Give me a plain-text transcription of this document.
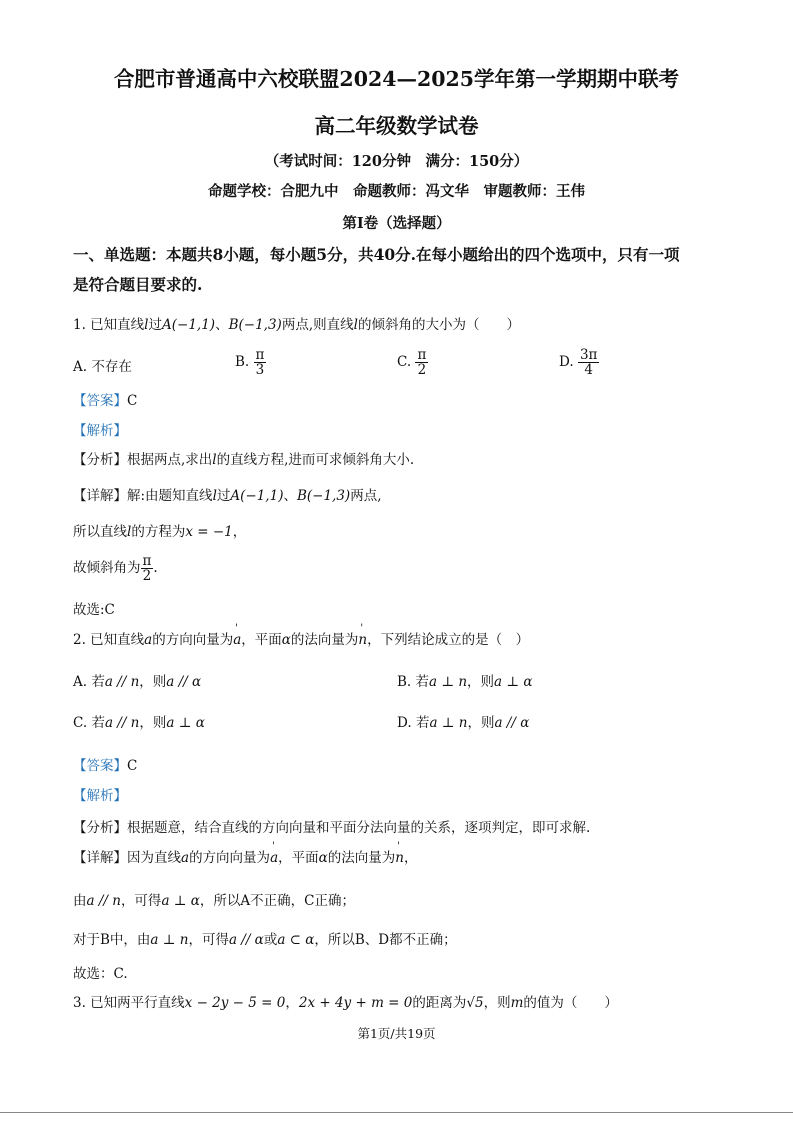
合肥市普通高中六校联盟2024—2025学年第一学期期中联考
高二年级数学试卷
（考试时间：120分钟　满分：150分）
命题学校：合肥九中　命题教师：冯文华　审题教师：王伟
第Ⅰ卷（选择题）
一、单选题：本题共8小题，每小题5分，共40分.在每小题给出的四个选项中，只有一项
是符合题目要求的.
1. 已知直线l过A(−1,1)、B(−1,3)两点,则直线l的倾斜角的大小为（　　）
A. 不存在	B. $\frac{\pi}{3}$	C. $\frac{\pi}{2}$	D. $\frac{3\pi}{4}$
【答案】C
【解析】
【分析】根据两点,求出l的直线方程,进而可求倾斜角大小.
【详解】解:由题知直线l过A(−1,1)、B(−1,3)两点,
所以直线l的方程为x = −1，
故倾斜角为 $\frac{\pi}{2}$ .
故选:C
2. 已知直线a的方向向量为' a，平面α的法向量为' n，下列结论成立的是（　）
A. 若a // n，则a // α	B. 若a ⊥ n，则a ⊥ α
C. 若a // n，则a ⊥ α	D. 若a ⊥ n，则a // α
【答案】C
【解析】
【分析】根据题意，结合直线的方向向量和平面分法向量的关系，逐项判定，即可求解.
【详解】因为直线a的方向向量为' a，平面α的法向量为' n，
由a // n，可得a ⊥ α，所以A不正确，C正确；
对于B中，由a ⊥ n，可得a // α或a ⊂ α，所以B、D都不正确；
故选：C.
3. 已知两平行直线x − 2y − 5 = 0，2x + 4y + m = 0的距离为√5，则m的值为（　　）
第1页/共19页
